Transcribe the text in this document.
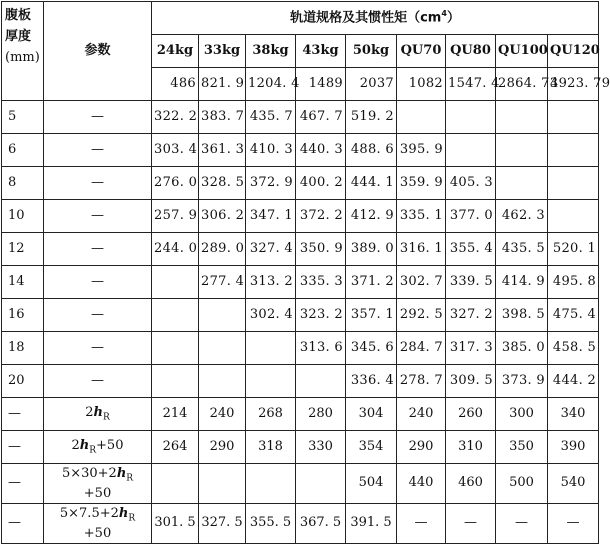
腹板
厚度
(mm)	参数	轨道规格及其惯性矩$(cm^4)$								
		24kg	33kg	38kg	43kg	50kg	QU70	QU80	QU100	QU120
		486	821. 9	1204. 4	1489	2037	1082	1547. 4	2864. 73	4923. 79
5	—	322. 2	383. 7	435. 7	467. 7	519. 2				
6	—	303. 4	361. 3	410. 3	440. 3	488. 6	395. 9			
8	—	276. 0	328. 5	372. 9	400. 2	444. 1	359. 9	405. 3		
10	—	257. 9	306. 2	347. 1	372. 2	412. 9	335. 1	377. 0	462. 3	
12	—	244. 0	289. 0	327. 4	350. 9	389. 0	316. 1	355. 4	435. 5	520. 1
14	—		277. 4	313. 2	335. 3	371. 2	302. 7	339. 5	414. 9	495. 8
16	—			302. 4	323. 2	357. 1	292. 5	327. 2	398. 5	475. 4
18	—				313. 6	345. 6	284. 7	317. 3	385. 0	458. 5
20	—					336. 4	278. 7	309. 5	373. 9	444. 2
—	$2h_R$	214	240	268	280	304	240	260	300	340
—	$2h_R+50$	264	290	318	330	354	290	310	350	390
—	$5\times 30+2h_R$
+50					504	440	460	500	540
—	$5\times 7.5+2h_R$
+50	301. 5	327. 5	355. 5	367. 5	391. 5	—	—	—	—
